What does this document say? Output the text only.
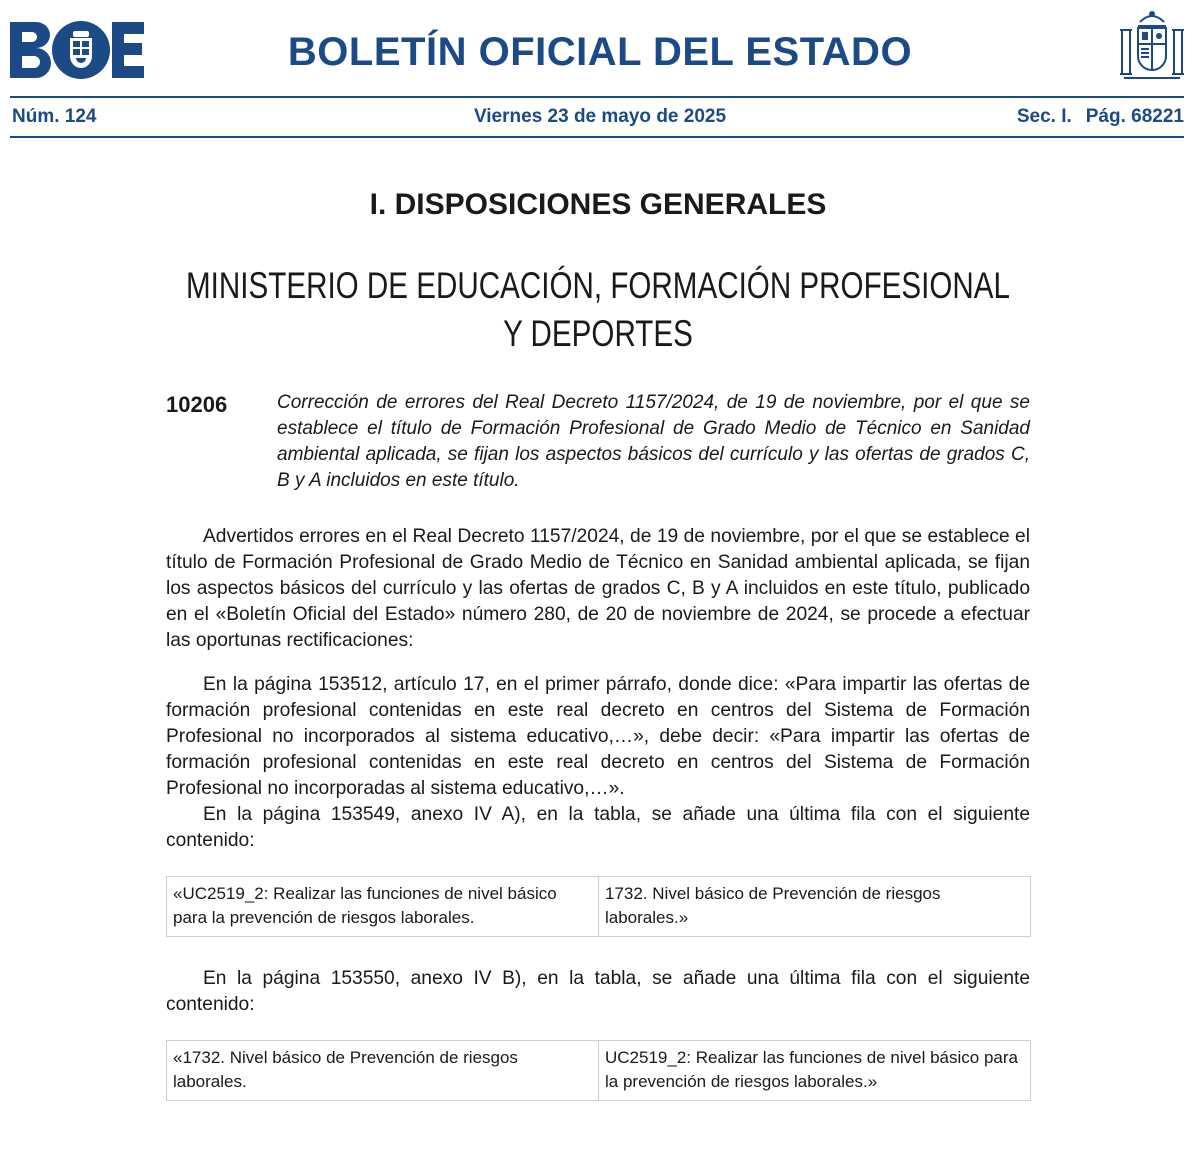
BOLETÍN OFICIAL DEL ESTADO
Núm. 124	Viernes 23 de mayo de 2025	Sec. I. Pág. 68221
I. DISPOSICIONES GENERALES
MINISTERIO DE EDUCACIÓN, FORMACIÓN PROFESIONAL
Y DEPORTES
10206	Corrección de errores del Real Decreto 1157/2024, de 19 de noviembre, por el que se establece el título de Formación Profesional de Grado Medio de Técnico en Sanidad ambiental aplicada, se fijan los aspectos básicos del currículo y las ofertas de grados C, B y A incluidos en este título.

Advertidos errores en el Real Decreto 1157/2024, de 19 de noviembre, por el que se establece el título de Formación Profesional de Grado Medio de Técnico en Sanidad ambiental aplicada, se fijan los aspectos básicos del currículo y las ofertas de grados C, B y A incluidos en este título, publicado en el «Boletín Oficial del Estado» número 280, de 20 de noviembre de 2024, se procede a efectuar las oportunas rectificaciones:

En la página 153512, artículo 17, en el primer párrafo, donde dice: «Para impartir las ofertas de formación profesional contenidas en este real decreto en centros del Sistema de Formación Profesional no incorporados al sistema educativo,…», debe decir: «Para impartir las ofertas de formación profesional contenidas en este real decreto en centros del Sistema de Formación Profesional no incorporadas al sistema educativo,…».

En la página 153549, anexo IV A), en la tabla, se añade una última fila con el siguiente contenido:

«UC2519_2: Realizar las funciones de nivel básico para la prevención de riesgos laborales.	1732. Nivel básico de Prevención de riesgos laborales.»

En la página 153550, anexo IV B), en la tabla, se añade una última fila con el siguiente contenido:

«1732. Nivel básico de Prevención de riesgos laborales.	UC2519_2: Realizar las funciones de nivel básico para la prevención de riesgos laborales.»
